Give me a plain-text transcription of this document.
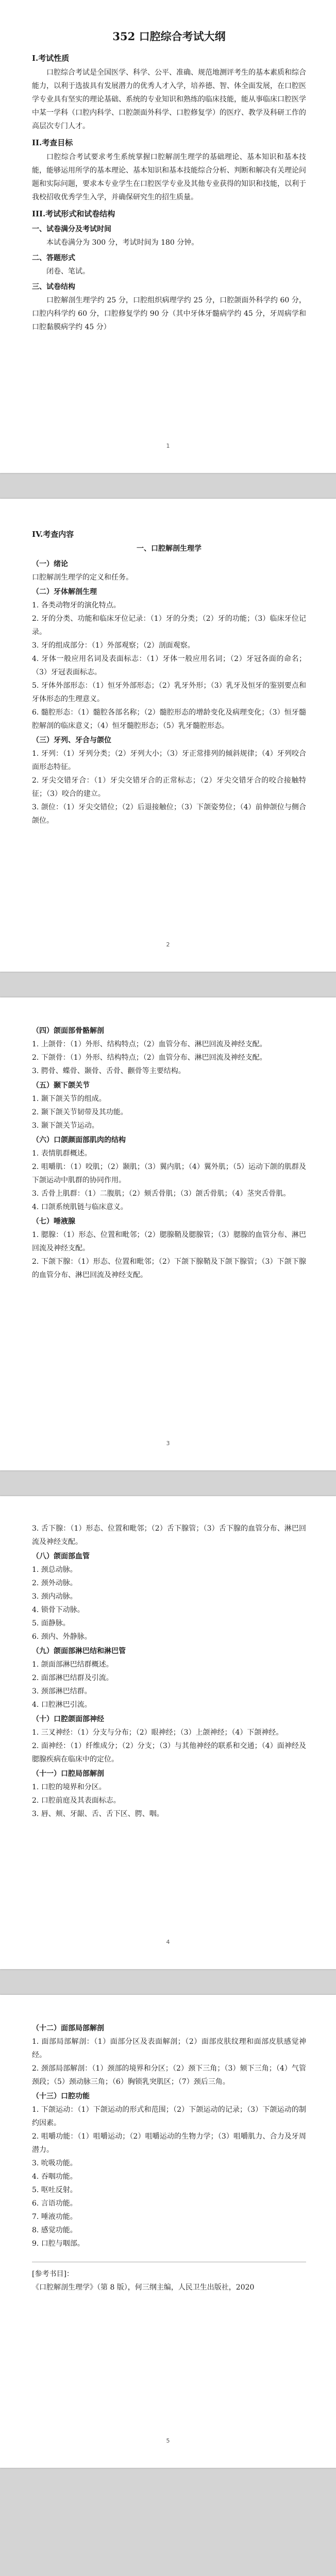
352 口腔综合考试大纲

I.考试性质

口腔综合考试是全国医学、科学、公平、准确、规范地测评考生的基本素质和综合能力，以利于选拔具有发展潜力的优秀人才入学，培养德、智、体全面发展，在口腔医学专业具有坚实的理论基础、系统的专业知识和熟练的临床技能，能从事临床口腔医学中某一学科（口腔内科学、口腔颌面外科学、口腔修复学）的医疗、教学及科研工作的高层次专门人才。

II.考查目标

口腔综合考试要求考生系统掌握口腔解剖生理学的基础理论、基本知识和基本技能，能够运用所学的基本理论、基本知识和基本技能综合分析、判断和解决有关理论问题和实际问题，要求本专业学生在口腔医学专业及其他专业获得的知识和技能，以利于我校招收优秀学生入学，并确保研究生的招生质量。

III.考试形式和试卷结构

一、试卷满分及考试时间

本试卷满分为 300 分，考试时间为 180 分钟。

二、答题形式

闭卷、笔试。

三、试卷结构

口腔解剖生理学约 25 分，口腔组织病理学约 25 分，口腔颌面外科学约 60 分，口腔内科学约 60 分，口腔修复学约 90 分（其中牙体牙髓病学约 45 分，牙周病学和口腔黏膜病学约 45 分）

1

IV.考查内容

一、口腔解剖生理学

（一）绪论

口腔解剖生理学的定义和任务。

（二）牙体解剖生理

1. 各类动物牙的演化特点。

2. 牙的分类、功能和临床牙位记录：（1）牙的分类；（2）牙的功能；（3）临床牙位记录。

3. 牙的组成部分：（1）外部观察；（2）剖面观察。

4. 牙体一般应用名词及表面标志：（1）牙体一般应用名词；（2）牙冠各面的命名；（3）牙冠表面标志。

5. 牙体外部形态：（1）恒牙外部形态；（2）乳牙外形；（3）乳牙及恒牙的鉴别要点和牙体形态的生理意义。

6. 髓腔形态：（1）髓腔各部名称；（2）髓腔形态的增龄变化及病理变化；（3）恒牙髓腔解剖的临床意义；（4）恒牙髓腔形态；（5）乳牙髓腔形态。

（三）牙列、牙合与颌位

1. 牙列：（1）牙列分类；（2）牙列大小；（3）牙正常排列的倾斜规律；（4）牙列咬合面形态特征。

2. 牙尖交错牙合：（1）牙尖交错牙合的正常标志；（2）牙尖交错牙合的咬合接触特征；（3）咬合的建立。

3. 颌位：（1）牙尖交错位；（2）后退接触位；（3）下颌姿势位；（4）前伸颌位与侧合颌位。

2

（四）颌面部骨骼解剖

1. 上颌骨：（1）外形、结构特点；（2）血管分布、淋巴回流及神经支配。

2. 下颌骨：（1）外形、结构特点；（2）血管分布、淋巴回流及神经支配。

3. 腭骨、蝶骨、颞骨、舌骨、颧骨等主要结构。

（五）颞下颌关节

1. 颞下颌关节的组成。

2. 颞下颌关节韧带及其功能。

3. 颞下颌关节运动。

（六）口颌颜面部肌肉的结构

1. 表情肌群概述。

2. 咀嚼肌：（1）咬肌；（2）颞肌；（3）翼内肌；（4）翼外肌；（5）运动下颌的肌群及下颌运动中肌群的协同作用。

3. 舌骨上肌群：（1）二腹肌；（2）颏舌骨肌；（3）颌舌骨肌；（4）茎突舌骨肌。

4. 口颌系统肌链与临床意义。

（七）唾液腺

1. 腮腺：（1）形态、位置和毗邻；（2）腮腺鞘及腮腺管；（3）腮腺的血管分布、淋巴回流及神经支配。

2. 下颌下腺：（1）形态、位置和毗邻；（2）下颌下腺鞘及下颌下腺管；（3）下颌下腺的血管分布、淋巴回流及神经支配。

3

3. 舌下腺：（1）形态、位置和毗邻；（2）舌下腺管；（3）舌下腺的血管分布、淋巴回流及神经支配。

（八）颌面部血管

1. 颈总动脉。

2. 颈外动脉。

3. 颈内动脉。

4. 锁骨下动脉。

5. 面静脉。

6. 颈内、外静脉。

（九）颌面部淋巴结和淋巴管

1. 颌面部淋巴结群概述。

2. 面部淋巴结群及引流。

3. 颈部淋巴结群。

4. 口腔淋巴引流。

（十）口腔颌面部神经

1. 三叉神经：（1）分支与分布；（2）眼神经；（3）上颌神经；（4）下颌神经。

2. 面神经：（1）纤维成分；（2）分支；（3）与其他神经的联系和交通；（4）面神经及腮腺疾病在临床中的定位。

（十一）口腔局部解剖

1. 口腔的境界和分区。

2. 口腔前庭及其表面标志。

3. 唇、颊、牙龈、舌、舌下区、腭、咽。

4

（十二）面部局部解剖

1. 面部局部解剖：（1）面部分区及表面解剖；（2）面部皮肤纹理和面部皮肤感觉神经。

2. 颈部局部解剖：（1）颈部的境界和分区；（2）颈下三角；（3）颏下三角；（4）气管颈段；（5）颈动脉三角；（6）胸锁乳突肌区；（7）颈后三角。

（十三）口腔功能

1. 下颌运动：（1）下颌运动的形式和范围；（2）下颌运动的记录；（3）下颌运动的制约因素。

2. 咀嚼功能：（1）咀嚼运动；（2）咀嚼运动的生物力学；（3）咀嚼肌力、合力及牙周潜力。

3. 吮吸功能。

4. 吞咽功能。

5. 呕吐反射。

6. 言语功能。

7. 唾液功能。

8. 感觉功能。

9. 口腔与咽部。

[参考书目]：

《口腔解剖生理学》（第 8 版），何三纲主编，人民卫生出版社，2020

5
